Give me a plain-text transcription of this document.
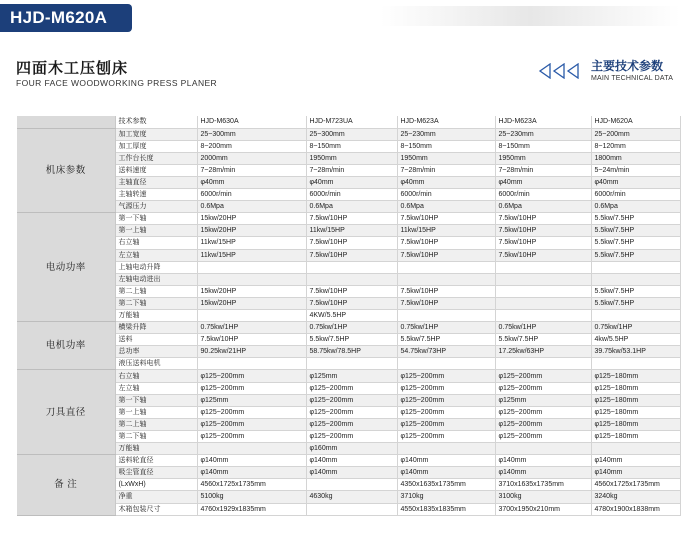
HJD-M620A
四面木工压刨床
FOUR FACE WOODWORKING PRESS PLANER
主要技术参数
MAIN TECHNICAL DATA
	技术参数	HJD-M630A	HJD-M723UA	HJD-M623A	HJD-M623A	HJD-M620A
机床参数	加工宽度	25~300mm	25~300mm	25~230mm	25~230mm	25~200mm
	加工厚度	8~200mm	8~150mm	8~150mm	8~150mm	8~120mm
	工作台长度	2000mm	1950mm	1950mm	1950mm	1800mm
	送料速度	7~28m/min	7~28m/min	7~28m/min	7~28m/min	5~24m/min
	主轴直径	φ40mm	φ40mm	φ40mm	φ40mm	φ40mm
	主轴转速	6000r/min	6000r/min	6000r/min	6000r/min	6000r/min
	气源压力	0.6Mpa	0.6Mpa	0.6Mpa	0.6Mpa	0.6Mpa
电动功率	第一下轴	15kw/20HP	7.5kw/10HP	7.5kw/10HP	7.5kw/10HP	5.5kw/7.5HP
	第一上轴	15kw/20HP	11kw/15HP	11kw/15HP	7.5kw/10HP	5.5kw/7.5HP
	右立轴	11kw/15HP	7.5kw/10HP	7.5kw/10HP	7.5kw/10HP	5.5kw/7.5HP
	左立轴	11kw/15HP	7.5kw/10HP	7.5kw/10HP	7.5kw/10HP	5.5kw/7.5HP
	上轴电动升降					
	左轴电动进出					
	第二上轴	15kw/20HP	7.5kw/10HP	7.5kw/10HP		5.5kw/7.5HP
	第二下轴	15kw/20HP	7.5kw/10HP	7.5kw/10HP		5.5kw/7.5HP
	万能轴		4KW/5.5HP			
电机功率	横梁升降	0.75kw/1HP	0.75kw/1HP	0.75kw/1HP	0.75kw/1HP	0.75kw/1HP
	送料	7.5kw/10HP	5.5kw/7.5HP	5.5kw/7.5HP	5.5kw/7.5HP	4kw/5.5HP
	总功率	90.25kw/21HP	58.75kw/78.5HP	54.75kw/73HP	17.25kw/63HP	39.75kw/53.1HP
	液压送料电机					
刀具直径	右立轴	φ125~200mm	φ125mm	φ125~200mm	φ125~200mm	φ125~180mm
	左立轴	φ125~200mm	φ125~200mm	φ125~200mm	φ125~200mm	φ125~180mm
	第一下轴	φ125mm	φ125~200mm	φ125~200mm	φ125mm	φ125~180mm
	第一上轴	φ125~200mm	φ125~200mm	φ125~200mm	φ125~200mm	φ125~180mm
	第二上轴	φ125~200mm	φ125~200mm	φ125~200mm	φ125~200mm	φ125~180mm
	第二下轴	φ125~200mm	φ125~200mm	φ125~200mm	φ125~200mm	φ125~180mm
	万能轴		φ160mm			
备 注	送料轮直径	φ140mm	φ140mm	φ140mm	φ140mm	φ140mm
	吸尘管直径	φ140mm	φ140mm	φ140mm	φ140mm	φ140mm
	(LxWxH)	4560x1725x1735mm		4350x1635x1735mm	3710x1635x1735mm	4560x1725x1735mm
	净重	5100kg	4630kg	3710kg	3100kg	3240kg
	木箱包装尺寸	4760x1929x1835mm		4550x1835x1835mm	3700x1950x210mm	4780x1900x1838mm
